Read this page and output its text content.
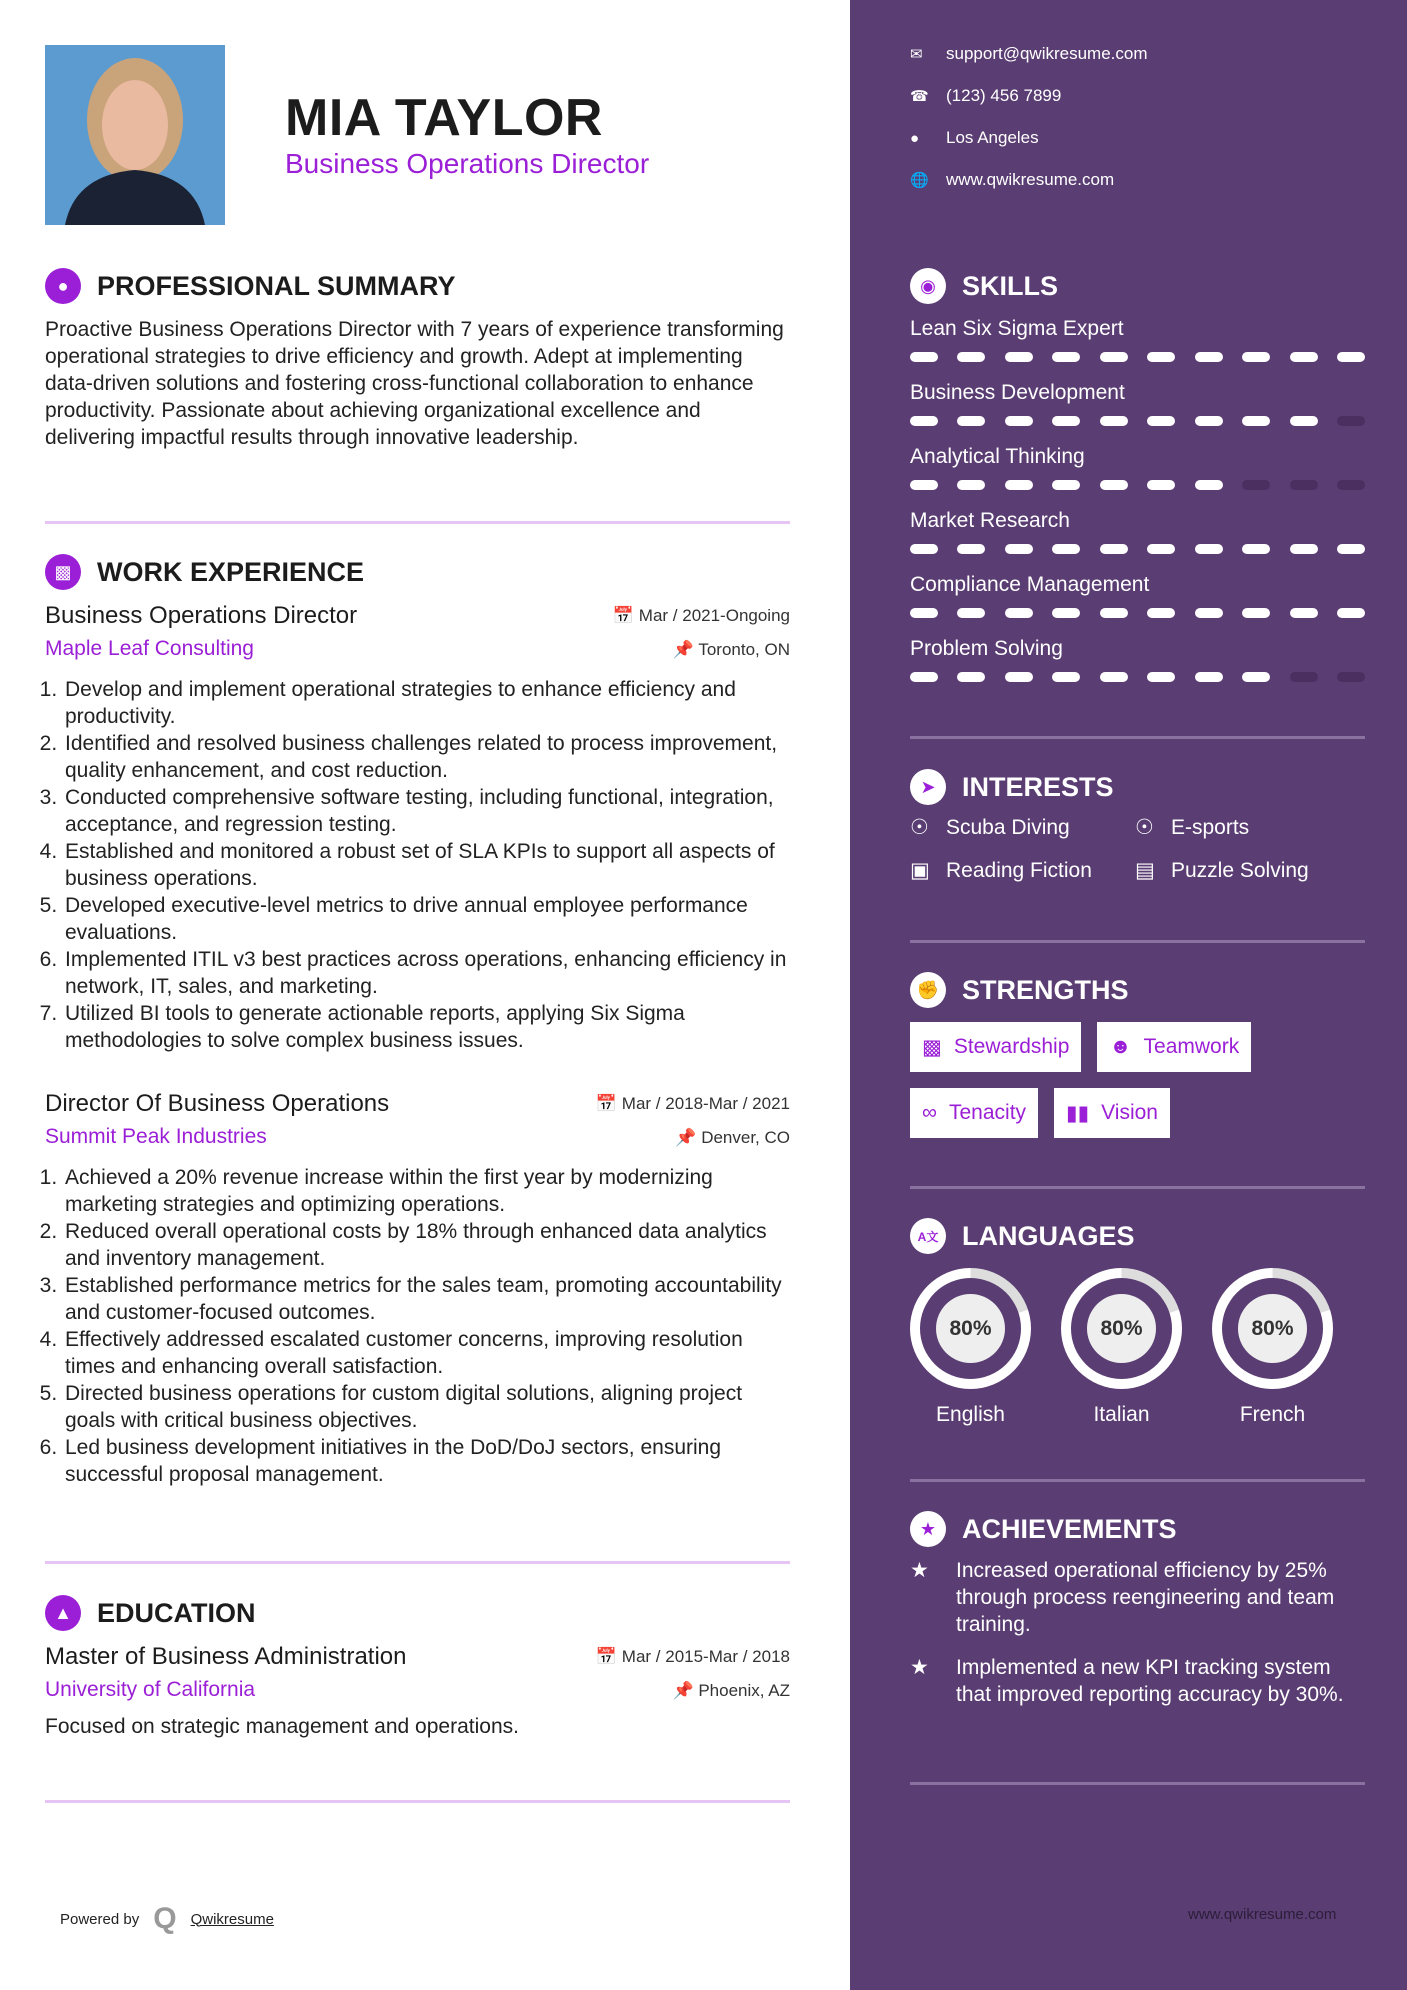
MIA TAYLOR
Business Operations Director
●	PROFESSIONAL SUMMARY

Proactive Business Operations Director with 7 years of experience transforming operational strategies to drive efficiency and growth. Adept at implementing data-driven solutions and fostering cross-functional collaboration to enhance productivity. Passionate about achieving organizational excellence and delivering impactful results through innovative leadership.

▩ WORK EXPERIENCE
Business Operations Director	📅 Mar / 2021-Ongoing
Maple Leaf Consulting	📌 Toronto, ON
1. Develop and implement operational strategies to enhance efficiency and productivity.
2. Identified and resolved business challenges related to process improvement, quality enhancement, and cost reduction.
3. Conducted comprehensive software testing, including functional, integration, acceptance, and regression testing.
4. Established and monitored a robust set of SLA KPIs to support all aspects of business operations.
5. Developed executive-level metrics to drive annual employee performance evaluations.
6. Implemented ITIL v3 best practices across operations, enhancing efficiency in network, IT, sales, and marketing.
7. Utilized BI tools to generate actionable reports, applying Six Sigma methodologies to solve complex business issues.
Director Of Business Operations	📅 Mar / 2018-Mar / 2021
Summit Peak Industries	📌 Denver, CO
1. Achieved a 20% revenue increase within the first year by modernizing marketing strategies and optimizing operations.
2. Reduced overall operational costs by 18% through enhanced data analytics and inventory management.
3. Established performance metrics for the sales team, promoting accountability and customer-focused outcomes.
4. Effectively addressed escalated customer concerns, improving resolution times and enhancing overall satisfaction.
5. Directed business operations for custom digital solutions, aligning project goals with critical business objectives.
6. Led business development initiatives in the DoD/DoJ sectors, ensuring successful proposal management.
▲ EDUCATION
Master of Business Administration	📅 Mar / 2015-Mar / 2018
University of California	📌 Phoenix, AZ

Focused on strategic management and operations.

Powered by Q Qwikresume	www.qwikresume.com
✉	support@qwikresume.com
☎	(123) 456 7899
●	Los Angeles
🌐	www.qwikresume.com
◉ SKILLS
Lean Six Sigma Expert
Business Development
Analytical Thinking
Market Research
Compliance Management
Problem Solving
➤ INTERESTS
☉ Scuba Diving	☉ E-sports
▣ Reading Fiction	▤ Puzzle Solving
✊ STRENGTHS
▩ Stewardship ☻ Teamwork
∞ Tenacity ▮▮ Vision
A文 LANGUAGES
80%
English
80%
Italian
80%
French
★ ACHIEVEMENTS
★	Increased operational efficiency by 25% through process reengineering and team training.
★	Implemented a new KPI tracking system that improved reporting accuracy by 30%.
